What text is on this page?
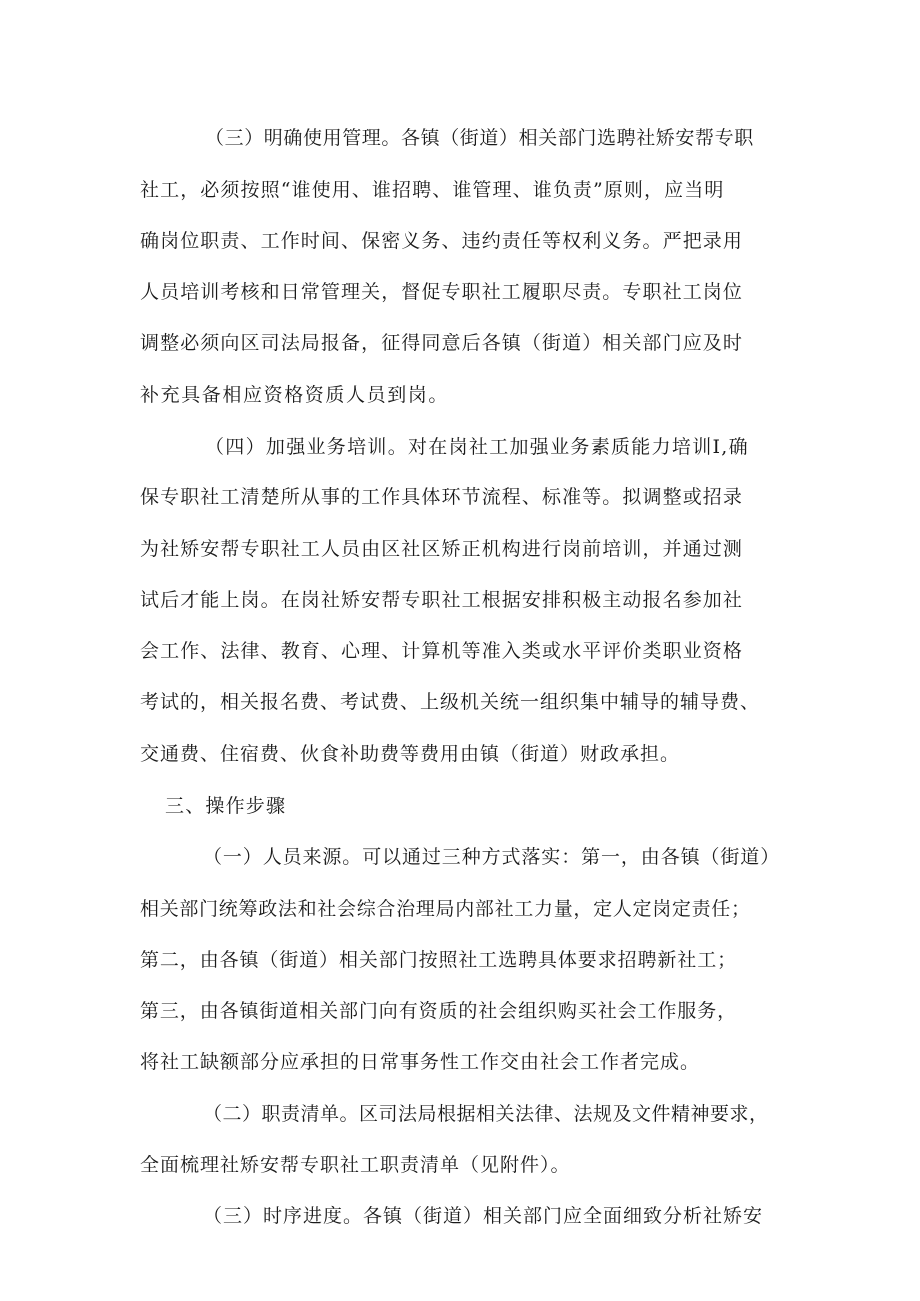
（三）明确使用管理。各镇（街道）相关部门选聘社矫安帮专职

社工，必须按照“谁使用、谁招聘、谁管理、谁负责”原则，应当明

确岗位职责、工作时间、保密义务、违约责任等权利义务。严把录用

人员培训考核和日常管理关，督促专职社工履职尽责。专职社工岗位

调整必须向区司法局报备，征得同意后各镇（街道）相关部门应及时

补充具备相应资格资质人员到岗。

（四）加强业务培训。对在岗社工加强业务素质能力培训I,确

保专职社工清楚所从事的工作具体环节流程、标准等。拟调整或招录

为社矫安帮专职社工人员由区社区矫正机构进行岗前培训，并通过测

试后才能上岗。在岗社矫安帮专职社工根据安排积极主动报名参加社

会工作、法律、教育、心理、计算机等准入类或水平评价类职业资格

考试的，相关报名费、考试费、上级机关统一组织集中辅导的辅导费、

交通费、住宿费、伙食补助费等费用由镇（街道）财政承担。

三、操作步骤

（一）人员来源。可以通过三种方式落实：第一，由各镇（街道）

相关部门统筹政法和社会综合治理局内部社工力量，定人定岗定责任；

第二，由各镇（街道）相关部门按照社工选聘具体要求招聘新社工；

第三，由各镇街道相关部门向有资质的社会组织购买社会工作服务，

将社工缺额部分应承担的日常事务性工作交由社会工作者完成。

（二）职责清单。区司法局根据相关法律、法规及文件精神要求，

全面梳理社矫安帮专职社工职责清单（见附件）。

（三）时序进度。各镇（街道）相关部门应全面细致分析社矫安
